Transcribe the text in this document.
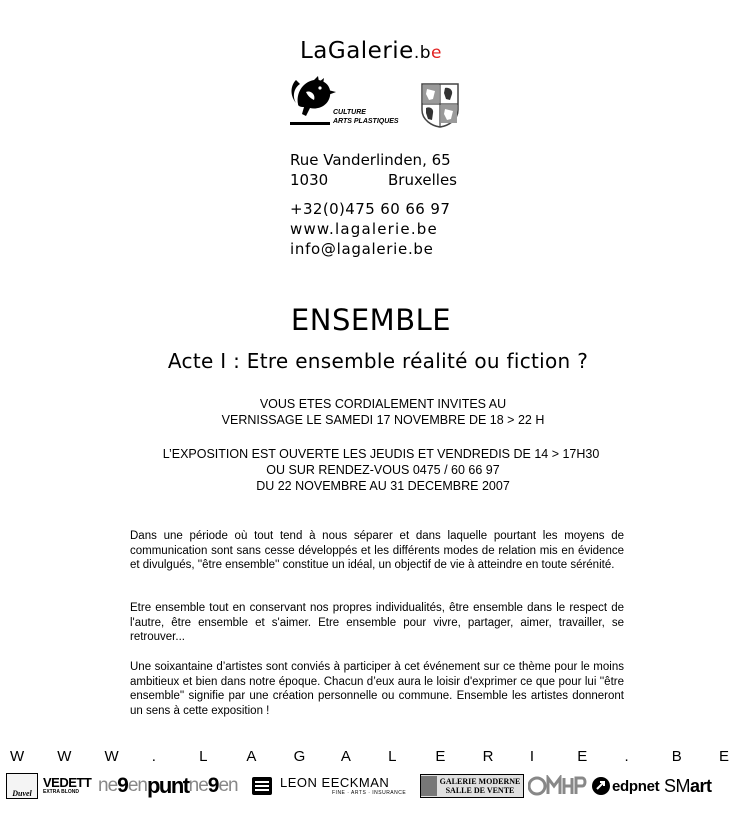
LaGalerie.be
CULTURE
ARTS PLASTIQUES
Rue Vanderlinden, 65
1030	Bruxelles
+32(0)475 60 66 97
www.lagalerie.be
info@lagalerie.be
ENSEMBLE
Acte I : Etre ensemble réalité ou fiction ?
VOUS ETES CORDIALEMENT INVITES AU
VERNISSAGE LE SAMEDI 17 NOVEMBRE DE 18 > 22 H
L’EXPOSITION EST OUVERTE LES JEUDIS ET VENDREDIS DE 14 > 17H30
OU SUR RENDEZ-VOUS 0475 / 60 66 97
DU 22 NOVEMBRE AU 31 DECEMBRE 2007
Dans une période où tout tend à nous séparer et dans laquelle pourtant les moyens de communication sont sans cesse développés et les différents modes de relation mis en évidence et divulgués, ''être ensemble'' constitue un idéal, un objectif de vie à atteindre en toute sérénité.
Etre ensemble tout en conservant nos propres individualités, être ensemble dans le respect de l'autre, être ensemble et s'aimer. Etre ensemble pour vivre, partager, aimer, travailler, se retrouver...
Une soixantaine d’artistes sont conviés à participer à cet événement sur ce thème pour le moins ambitieux et bien dans notre époque. Chacun d’eux aura le loisir d'exprimer ce que pour lui ''être ensemble'' signifie par une création personnelle ou commune. Ensemble les artistes donneront un sens à cette exposition !
W W W .	L	A G A L	E R I	E .	B E
Duvel
VEDETT
EXTRA BLOND ne 9 en punt ne 9 en	LEON EECKMAN
FINE · ARTS · INSURANCE
GALERIE MODERNE
SALLE DE VENTE	edpnet SM art
